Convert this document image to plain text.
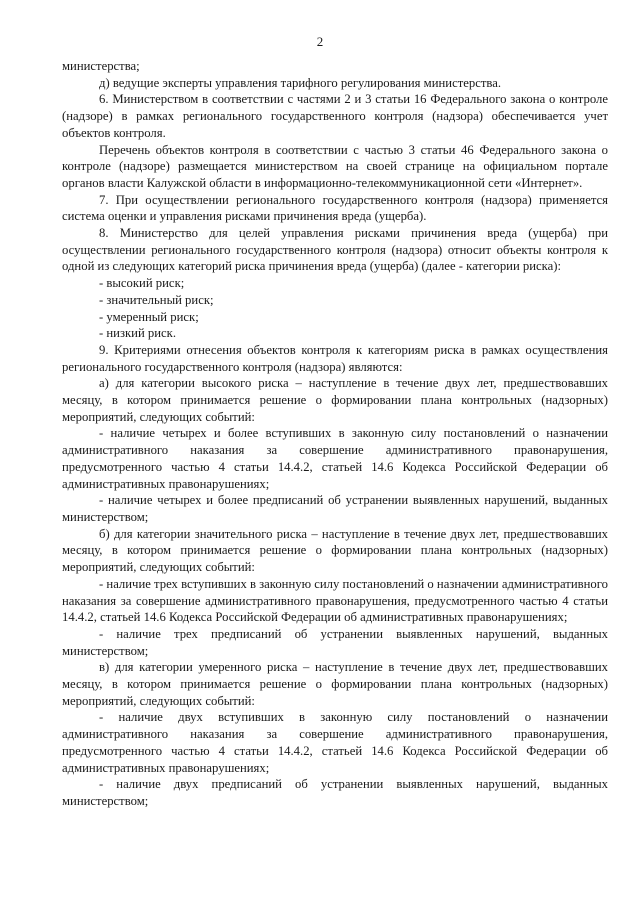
2

министерства;

д) ведущие эксперты управления тарифного регулирования министерства.

6. Министерством в соответствии с частями 2 и 3 статьи 16 Федерального закона о контроле (надзоре) в рамках регионального государственного контроля (надзора) обеспечивается учет объектов контроля.

Перечень объектов контроля в соответствии с частью 3 статьи 46 Федерального закона о контроле (надзоре) размещается министерством на своей странице на официальном портале органов власти Калужской области в информационно-телекоммуникационной сети «Интернет».

7. При осуществлении регионального государственного контроля (надзора) применяется система оценки и управления рисками причинения вреда (ущерба).

8. Министерство для целей управления рисками причинения вреда (ущерба) при осуществлении регионального государственного контроля (надзора) относит объекты контроля к одной из следующих категорий риска причинения вреда (ущерба) (далее - категории риска):

- высокий риск;

- значительный риск;

- умеренный риск;

- низкий риск.

9. Критериями отнесения объектов контроля к категориям риска в рамках осуществления регионального государственного контроля (надзора) являются:

а) для категории высокого риска – наступление в течение двух лет, предшествовавших месяцу, в котором принимается решение о формировании плана контрольных (надзорных) мероприятий, следующих событий:

- наличие четырех и более вступивших в законную силу постановлений о назначении административного наказания за совершение административного правонарушения, предусмотренного частью 4 статьи 14.4.2, статьей 14.6 Кодекса Российской Федерации об административных правонарушениях;

- наличие четырех и более предписаний об устранении выявленных нарушений, выданных министерством;

б) для категории значительного риска – наступление в течение двух лет, предшествовавших месяцу, в котором принимается решение о формировании плана контрольных (надзорных) мероприятий, следующих событий:

- наличие трех вступивших в законную силу постановлений о назначении административного наказания за совершение административного правонарушения, предусмотренного частью 4 статьи 14.4.2, статьей 14.6 Кодекса Российской Федерации об административных правонарушениях;

- наличие трех предписаний об устранении выявленных нарушений, выданных министерством;

в) для категории умеренного риска – наступление в течение двух лет, предшествовавших месяцу, в котором принимается решение о формировании плана контрольных (надзорных) мероприятий, следующих событий:

- наличие двух вступивших в законную силу постановлений о назначении административного наказания за совершение административного правонарушения, предусмотренного частью 4 статьи 14.4.2, статьей 14.6 Кодекса Российской Федерации об административных правонарушениях;

- наличие двух предписаний об устранении выявленных нарушений, выданных министерством;
